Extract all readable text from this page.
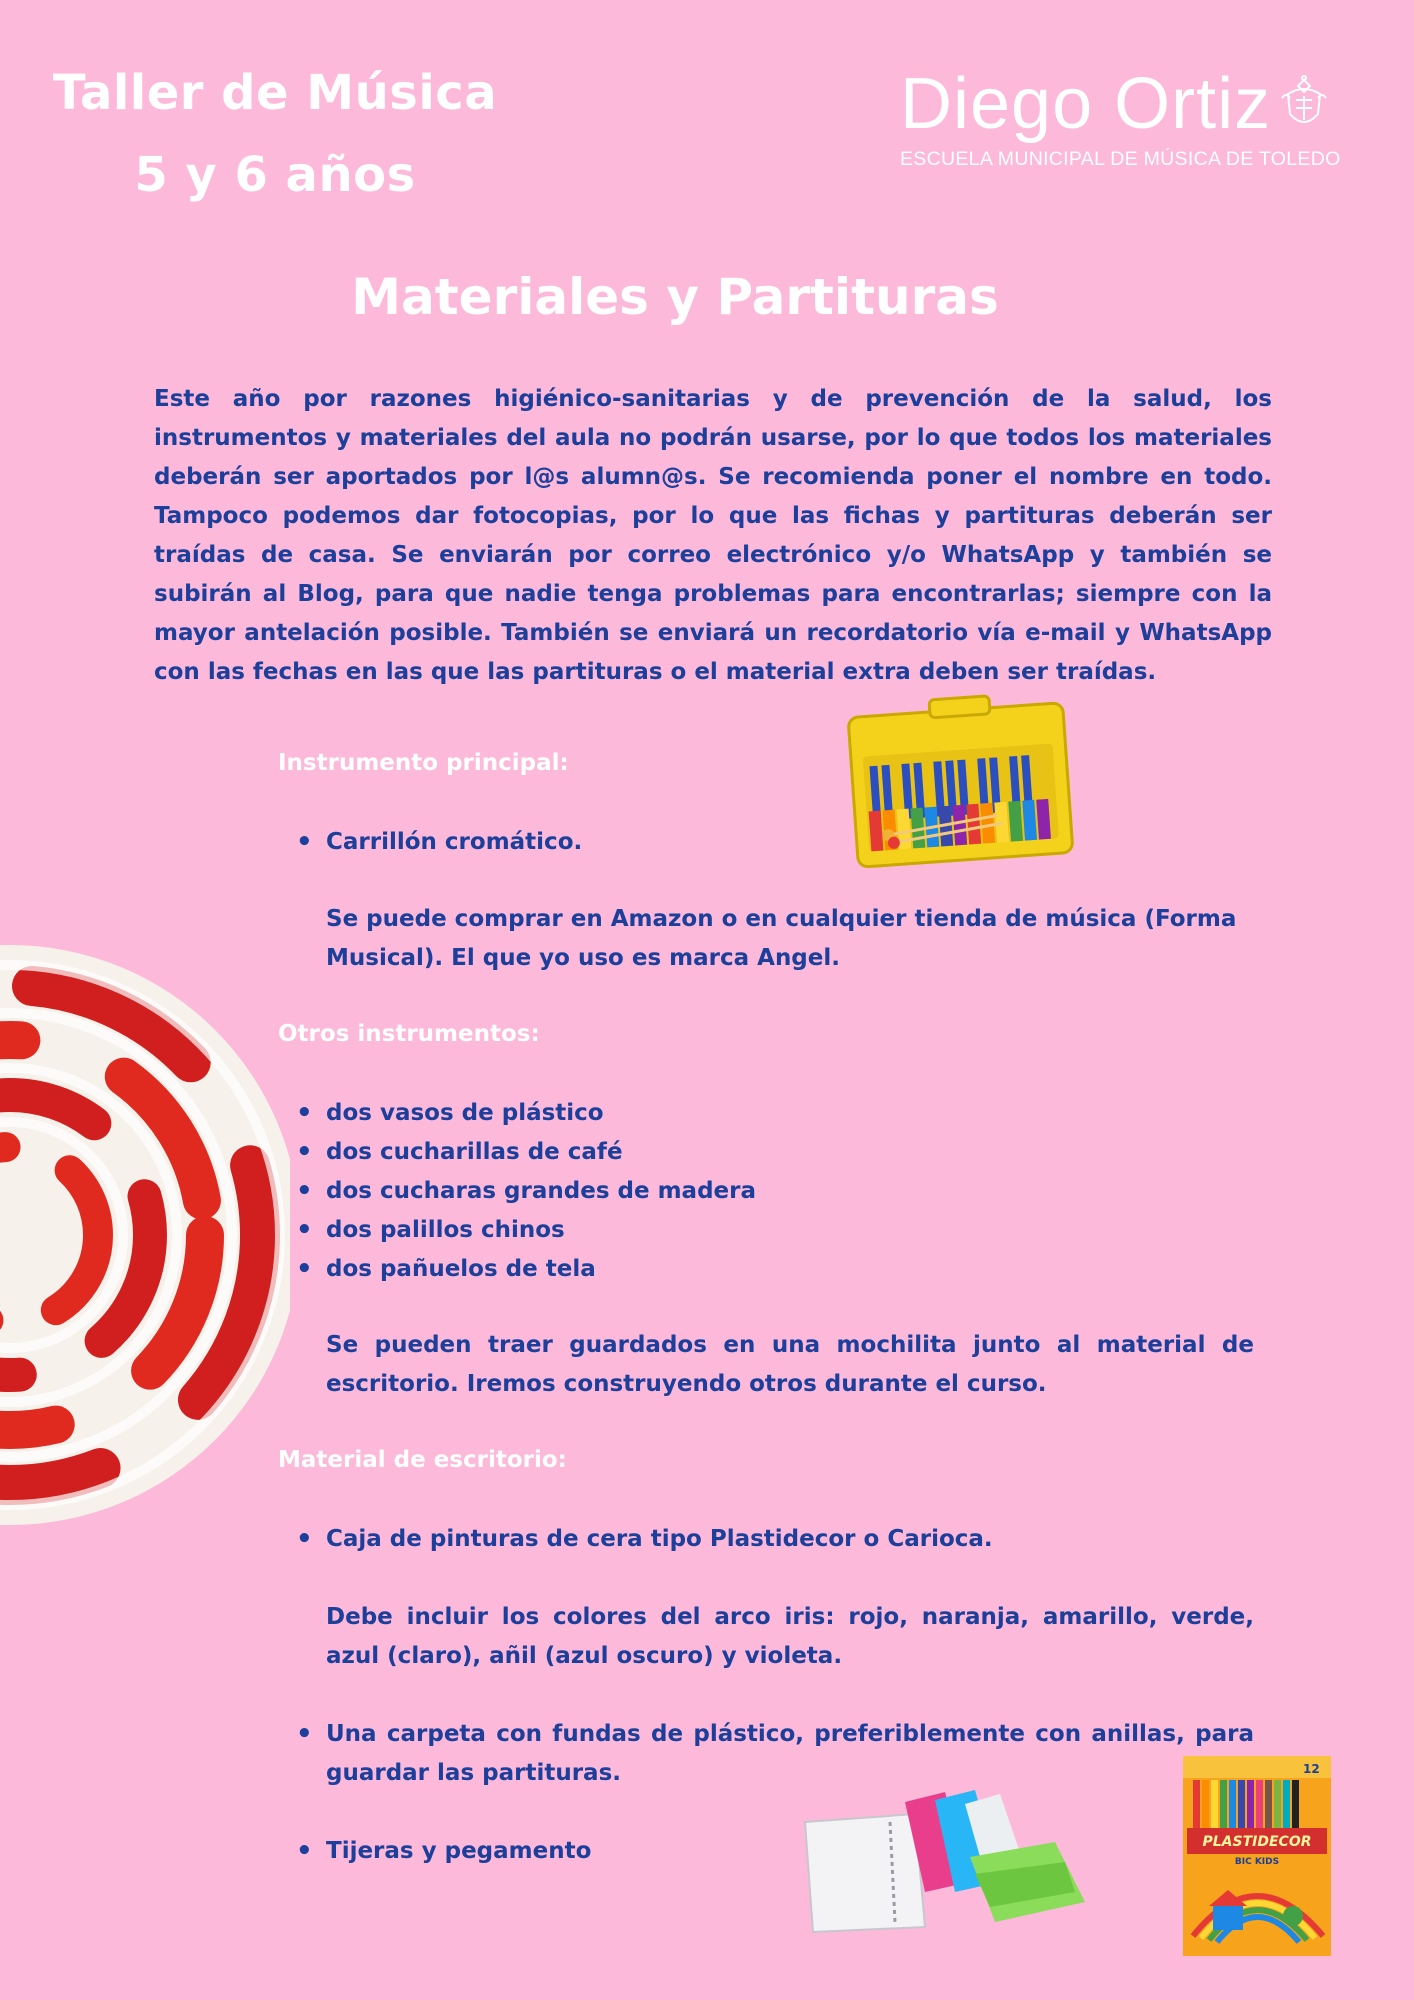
Taller de Música
5 y 6 años
Diego Ortiz
ESCUELA MUNICIPAL DE MÚSICA DE TOLEDO
Materiales y Partituras
Este año por razones higiénico-sanitarias y de prevención de la salud, los instrumentos y materiales del aula no podrán usarse, por lo que todos los materiales deberán ser aportados por l@s alumn@s. Se recomienda poner el nombre en todo. Tampoco podemos dar fotocopias, por lo que las fichas y partituras deberán ser traídas de casa. Se enviarán por correo electrónico y/o WhatsApp y también se subirán al Blog, para que nadie tenga problemas para encontrarlas; siempre con la mayor antelación posible. También se enviará un recordatorio vía e-mail y WhatsApp con las fechas en las que las partituras o el material extra deben ser traídas.
Instrumento principal:
• Carrillón cromático.
Se puede comprar en Amazon o en cualquier tienda de música (Forma
Musical). El que yo uso es marca Angel.
Otros instrumentos:
• dos vasos de plástico
• dos cucharillas de café
• dos cucharas grandes de madera
• dos palillos chinos
• dos pañuelos de tela
Se pueden traer guardados en una mochilita junto al material de escritorio. Iremos construyendo otros durante el curso.
Material de escritorio:
• Caja de pinturas de cera tipo Plastidecor o Carioca.
Debe incluir los colores del arco iris: rojo, naranja, amarillo, verde, azul (claro), añil (azul oscuro) y violeta.
• Una carpeta con fundas de plástico, preferiblemente con anillas, para guardar las partituras.
• Tijeras y pegamento
12
PLASTIDECOR
BIC KIDS
